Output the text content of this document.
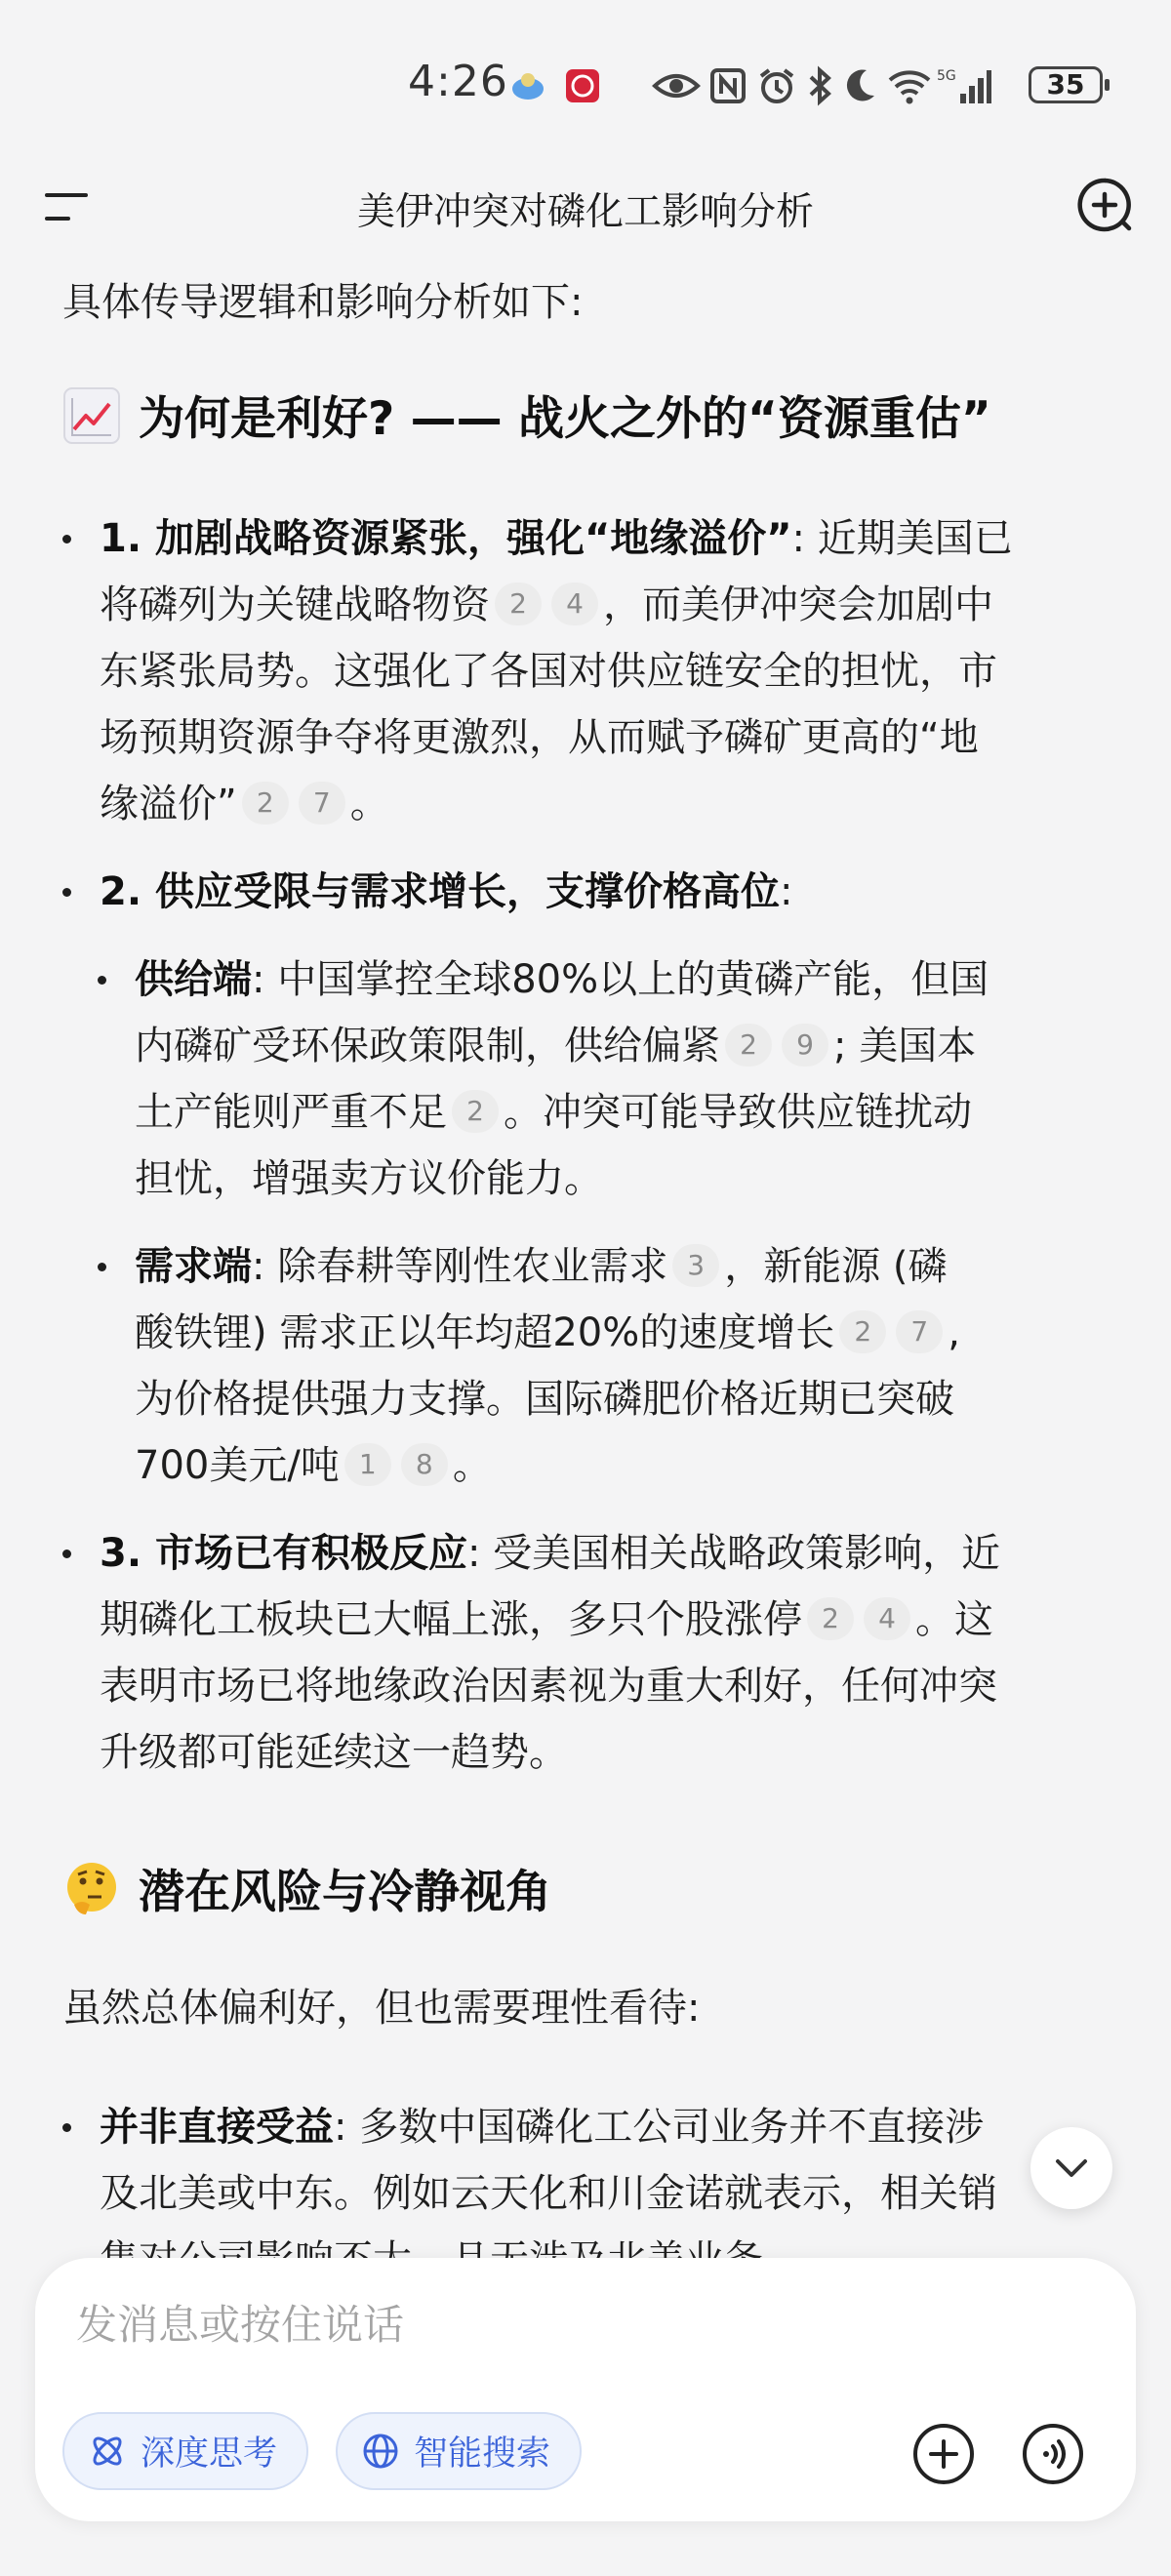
4:26	5G	35
美伊冲突对磷化工影响分析
具体传导逻辑和影响分析如下:
为何是利好? —— 战火之外的“资源重估”
1. 加剧战略资源紧张，强化“地缘溢价”: 近期美国已
将磷列为关键战略物资 2 4 ，而美伊冲突会加剧中
东紧张局势。这强化了各国对供应链安全的担忧，市
场预期资源争夺将更激烈，从而赋予磷矿更高的“地
缘溢价” 2 7 。
2. 供应受限与需求增长，支撑价格高位:
供给端: 中国掌控全球80%以上的黄磷产能，但国
内磷矿受环保政策限制，供给偏紧 2 9 ; 美国本
土产能则严重不足 2 。冲突可能导致供应链扰动
担忧，增强卖方议价能力。
需求端: 除春耕等刚性农业需求 3 ，新能源 (磷
酸铁锂) 需求正以年均超20%的速度增长 2 7 ,
为价格提供强力支撑。国际磷肥价格近期已突破
700美元/吨 1 8 。
3. 市场已有积极反应: 受美国相关战略政策影响，近
期磷化工板块已大幅上涨，多只个股涨停 2 4 。这
表明市场已将地缘政治因素视为重大利好，任何冲突
升级都可能延续这一趋势。
潜在风险与冷静视角
虽然总体偏利好，但也需要理性看待:
并非直接受益: 多数中国磷化工公司业务并不直接涉
及北美或中东。例如云天化和川金诺就表示，相关销
发消息或按住说话
深度思考	智能搜索
